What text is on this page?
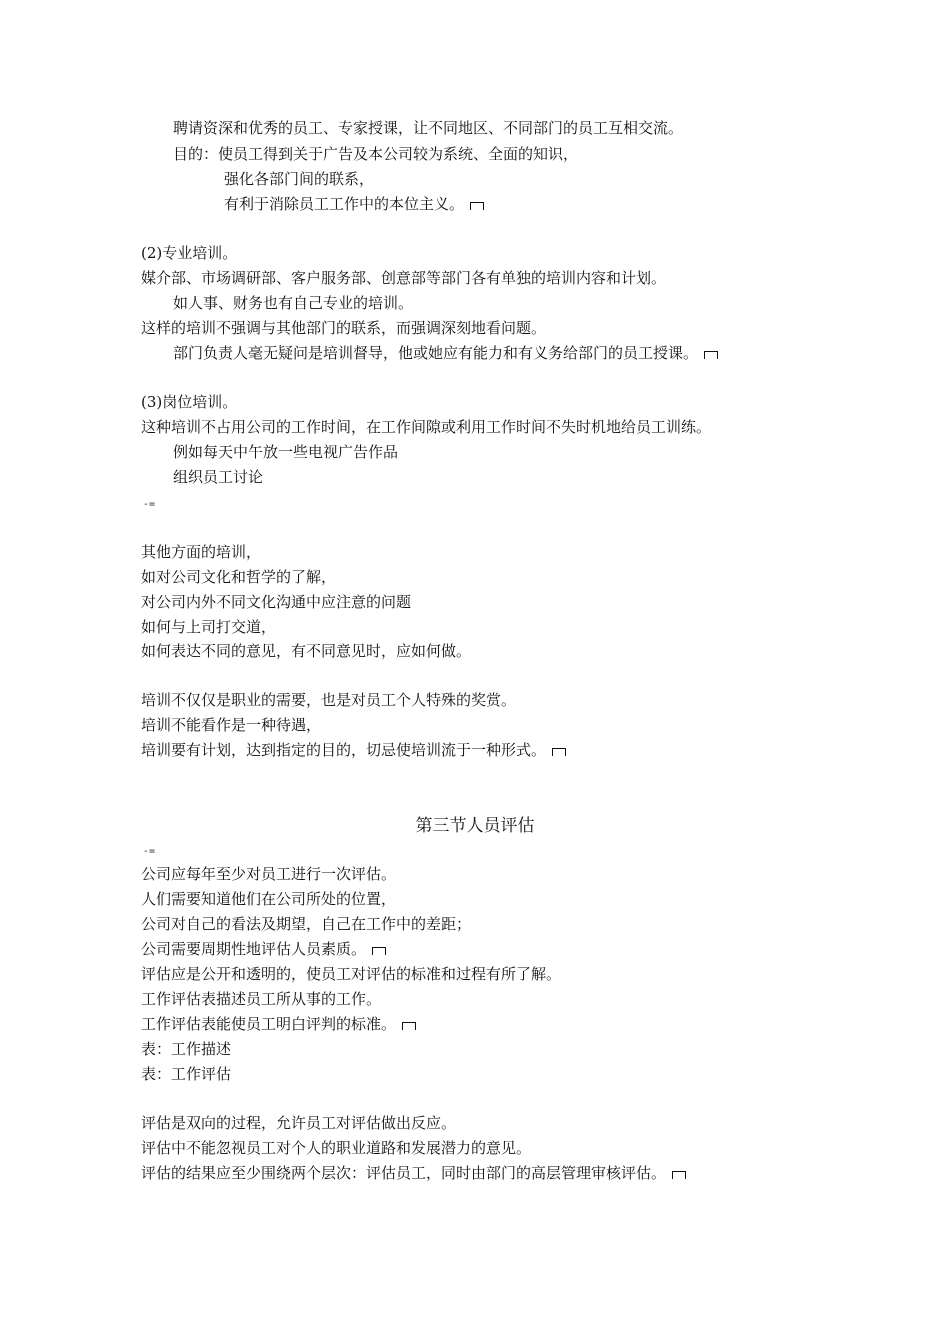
聘请资深和优秀的员工、专家授课，让不同地区、不同部门的员工互相交流。
目的：使员工得到关于广告及本公司较为系统、全面的知识，
强化各部门间的联系，
有利于消除员工工作中的本位主义。
(2)专业培训。
媒介部、市场调研部、客户服务部、创意部等部门各有单独的培训内容和计划。
如人事、财务也有自己专业的培训。
这样的培训不强调与其他部门的联系，而强调深刻地看问题。
部门负责人毫无疑问是培训督导，他或她应有能力和有义务给部门的员工授课。
(3)岗位培训。
这种培训不占用公司的工作时间，在工作间隙或利用工作时间不失时机地给员工训练。
例如每天中午放一些电视广告作品
组织员工讨论
-=
其他方面的培训，
如对公司文化和哲学的了解，
对公司内外不同文化沟通中应注意的问题
如何与上司打交道，
如何表达不同的意见，有不同意见时，应如何做。
培训不仅仅是职业的需要，也是对员工个人特殊的奖赏。
培训不能看作是一种待遇，
培训要有计划，达到指定的目的，切忌使培训流于一种形式。
第三节人员评估
-=
公司应每年至少对员工进行一次评估。
人们需要知道他们在公司所处的位置，
公司对自己的看法及期望，自己在工作中的差距；
公司需要周期性地评估人员素质。
评估应是公开和透明的，使员工对评估的标准和过程有所了解。
工作评估表描述员工所从事的工作。
工作评估表能使员工明白评判的标准。
表：工作描述
表：工作评估
评估是双向的过程，允许员工对评估做出反应。
评估中不能忽视员工对个人的职业道路和发展潜力的意见。
评估的结果应至少围绕两个层次：评估员工，同时由部门的高层管理审核评估。
